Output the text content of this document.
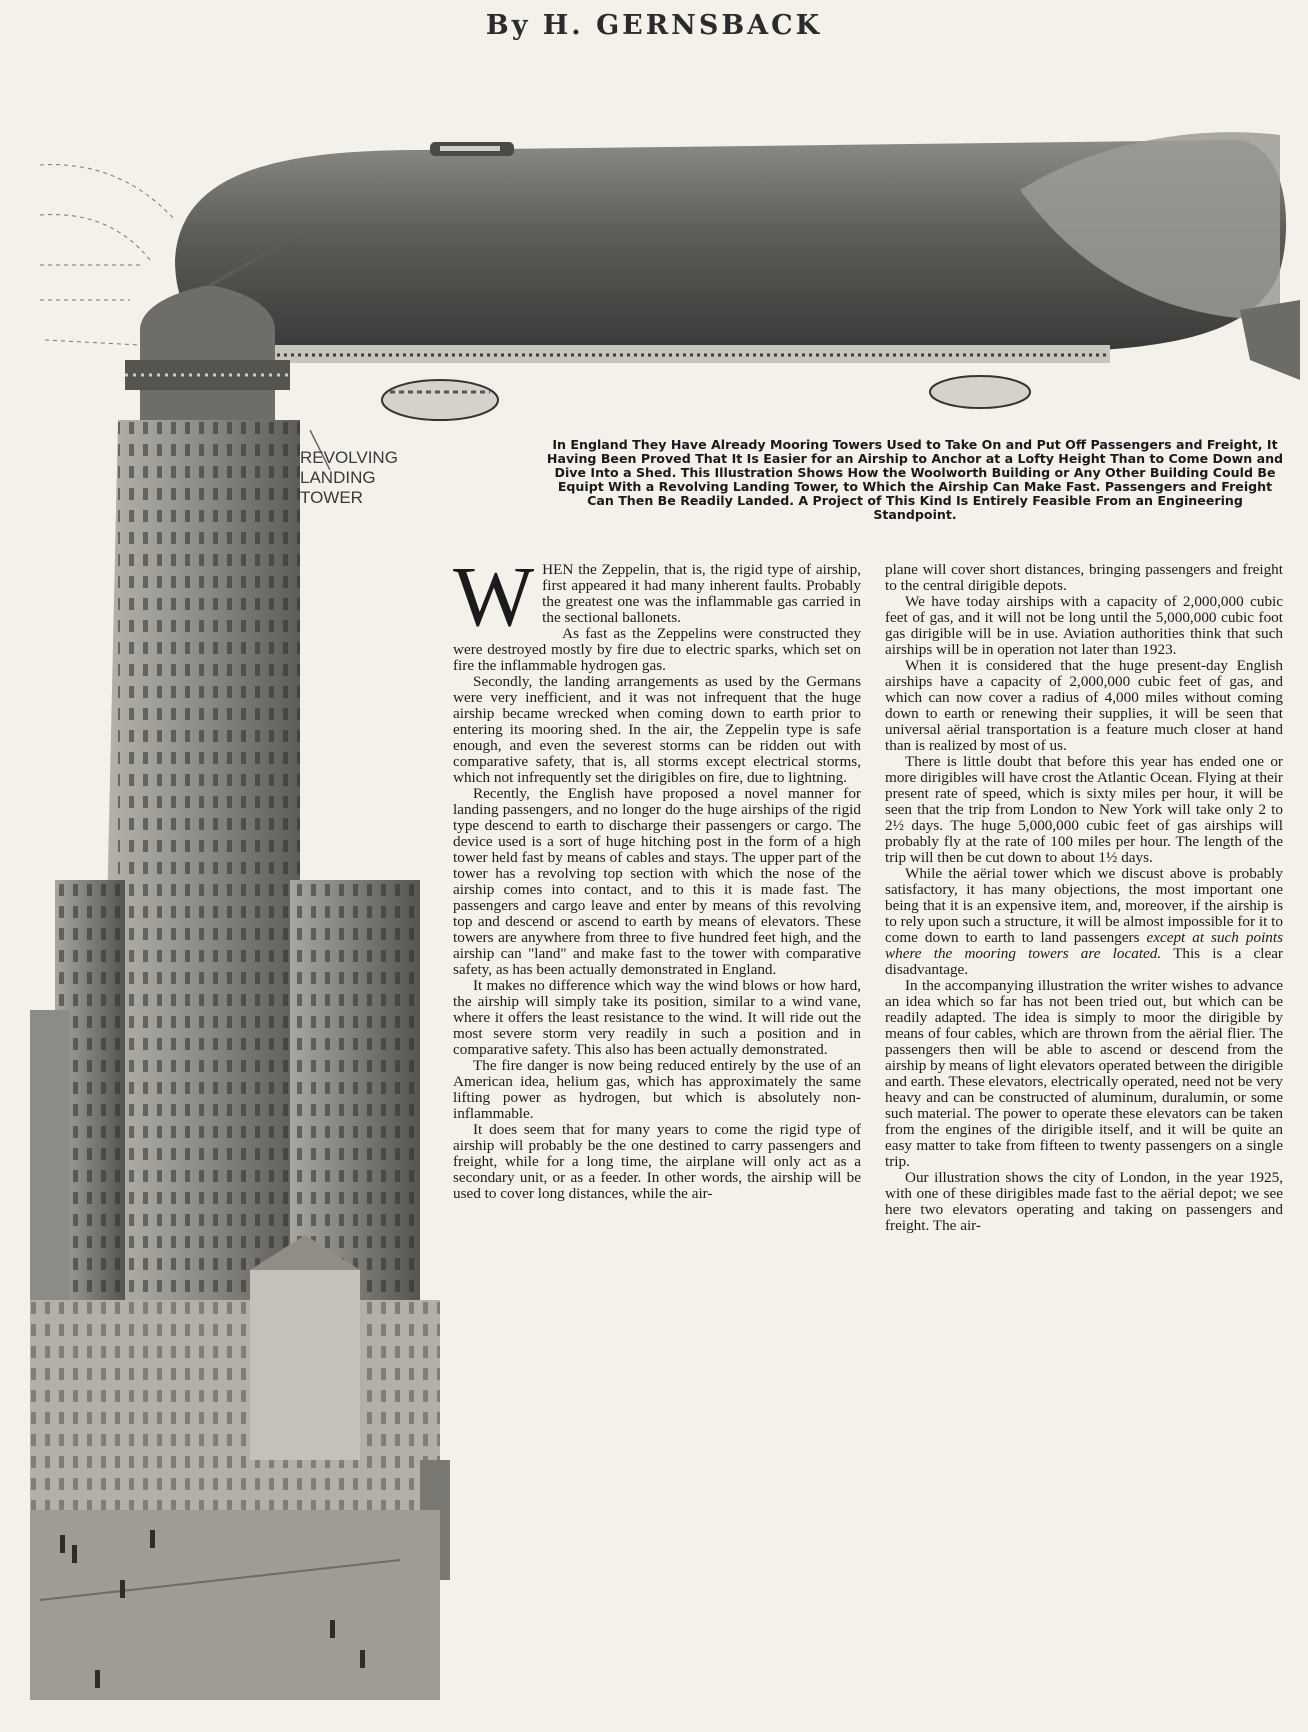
By H. GERNSBACK
REVOLVING
LANDING
TOWER
In England They Have Already Mooring Towers Used to Take On and Put Off Passengers and Freight, It Having Been Proved That It Is Easier for an Airship to Anchor at a Lofty Height Than to Come Down and Dive Into a Shed. This Illustration Shows How the Woolworth Building or Any Other Building Could Be Equipt With a Revolving Landing Tower, to Which the Airship Can Make Fast. Passengers and Freight Can Then Be Readily Landed. A Project of This Kind Is Entirely Feasible From an Engineering Standpoint.

WHEN the Zeppelin, that is, the rigid type of airship, first appeared it had many inherent faults. Probably the greatest one was the inflammable gas carried in the sectional ballonets.

As fast as the Zeppelins were constructed they were destroyed mostly by fire due to electric sparks, which set on fire the inflammable hydrogen gas.

Secondly, the landing arrangements as used by the Germans were very inefficient, and it was not infrequent that the huge airship became wrecked when coming down to earth prior to entering its mooring shed. In the air, the Zeppelin type is safe enough, and even the severest storms can be ridden out with comparative safety, that is, all storms except electrical storms, which not infrequently set the dirigibles on fire, due to lightning.

Recently, the English have proposed a novel manner for landing passengers, and no longer do the huge airships of the rigid type descend to earth to discharge their passengers or cargo. The device used is a sort of huge hitching post in the form of a high tower held fast by means of cables and stays. The upper part of the tower has a revolving top section with which the nose of the airship comes into contact, and to this it is made fast. The passengers and cargo leave and enter by means of this revolving top and descend or ascend to earth by means of elevators. These towers are anywhere from three to five hundred feet high, and the airship can "land" and make fast to the tower with comparative safety, as has been actually demonstrated in England.

It makes no difference which way the wind blows or how hard, the airship will simply take its position, similar to a wind vane, where it offers the least resistance to the wind. It will ride out the most severe storm very readily in such a position and in comparative safety. This also has been actually demonstrated.

The fire danger is now being reduced entirely by the use of an American idea, helium gas, which has approximately the same lifting power as hydrogen, but which is absolutely non-inflammable.

It does seem that for many years to come the rigid type of airship will probably be the one destined to carry passengers and freight, while for a long time, the airplane will only act as a secondary unit, or as a feeder. In other words, the airship will be used to cover long distances, while the air-

plane will cover short distances, bringing passengers and freight to the central dirigible depots.

We have today airships with a capacity of 2,000,000 cubic feet of gas, and it will not be long until the 5,000,000 cubic foot gas dirigible will be in use. Aviation authorities think that such airships will be in operation not later than 1923.

When it is considered that the huge present-day English airships have a capacity of 2,000,000 cubic feet of gas, and which can now cover a radius of 4,000 miles without coming down to earth or renewing their supplies, it will be seen that universal aërial transportation is a feature much closer at hand than is realized by most of us.

There is little doubt that before this year has ended one or more dirigibles will have crost the Atlantic Ocean. Flying at their present rate of speed, which is sixty miles per hour, it will be seen that the trip from London to New York will take only 2 to 2½ days. The huge 5,000,000 cubic feet of gas airships will probably fly at the rate of 100 miles per hour. The length of the trip will then be cut down to about 1½ days.

While the aërial tower which we discust above is probably satisfactory, it has many objections, the most important one being that it is an expensive item, and, moreover, if the airship is to rely upon such a structure, it will be almost impossible for it to come down to earth to land passengers except at such points where the mooring towers are located. This is a clear disadvantage.

In the accompanying illustration the writer wishes to advance an idea which so far has not been tried out, but which can be readily adapted. The idea is simply to moor the dirigible by means of four cables, which are thrown from the aërial flier. The passengers then will be able to ascend or descend from the airship by means of light elevators operated between the dirigible and earth. These elevators, electrically operated, need not be very heavy and can be constructed of aluminum, duralumin, or some such material. The power to operate these elevators can be taken from the engines of the dirigible itself, and it will be quite an easy matter to take from fifteen to twenty passengers on a single trip.

Our illustration shows the city of London, in the year 1925, with one of these dirigibles made fast to the aërial depot; we see here two elevators operating and taking on passengers and freight. The air-
